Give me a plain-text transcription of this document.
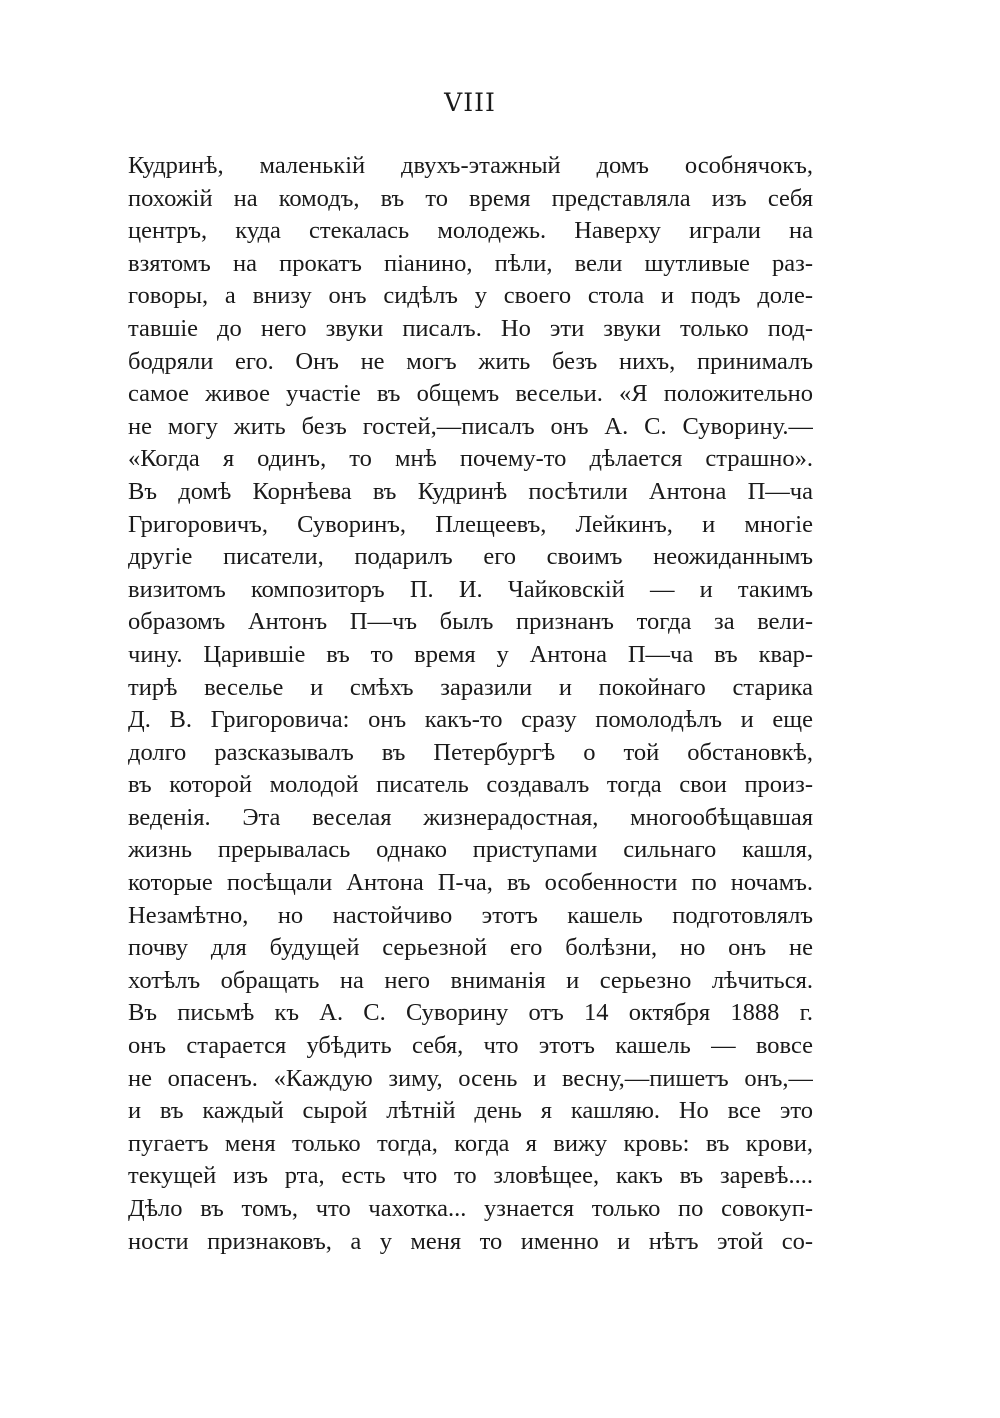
VIII
Кудринѣ, маленькій двухъ-этажный домъ особнячокъ,
похожій на комодъ, въ то время представляла изъ себя
центръ, куда стекалась молодежь. Наверху играли на
взятомъ на прокатъ піанино, пѣли, вели шутливые раз-
говоры, а внизу онъ сидѣлъ у своего стола и подъ доле-
тавшіе до него звуки писалъ. Но эти звуки только под-
бодряли его. Онъ не могъ жить безъ нихъ, принималъ
самое живое участіе въ общемъ весельи. «Я положительно
не могу жить безъ гостей,—писалъ онъ А. С. Суворину.—
«Когда я одинъ, то мнѣ почему-то дѣлается страшно».
Въ домѣ Корнѣева въ Кудринѣ посѣтили Антона П—ча
Григоровичъ, Суворинъ, Плещеевъ, Лейкинъ, и многіе
другіе писатели, подарилъ его своимъ неожиданнымъ
визитомъ композиторъ П. И. Чайковскій — и такимъ
образомъ Антонъ П—чъ былъ признанъ тогда за вели-
чину. Царившіе въ то время у Антона П—ча въ квар-
тирѣ веселье и смѣхъ заразили и покойнаго старика
Д. В. Григоровича: онъ какъ-то сразу помолодѣлъ и еще
долго разсказывалъ въ Петербургѣ о той обстановкѣ,
въ которой молодой писатель создавалъ тогда свои произ-
веденія. Эта веселая жизнерадостная, многообѣщавшая
жизнь прерывалась однако приступами сильнаго кашля,
которые посѣщали Антона П-ча, въ особенности по ночамъ.
Незамѣтно, но настойчиво этотъ кашель подготовлялъ
почву для будущей серьезной его болѣзни, но онъ не
хотѣлъ обращать на него вниманія и серьезно лѣчиться.
Въ письмѣ къ А. С. Суворину отъ 14 октября 1888 г.
онъ старается убѣдить себя, что этотъ кашель — вовсе
не опасенъ. «Каждую зиму, осень и весну,—пишетъ онъ,—
и въ каждый сырой лѣтній день я кашляю. Но все это
пугаетъ меня только тогда, когда я вижу кровь: въ крови,
текущей изъ рта, есть что то зловѣщее, какъ въ заревѣ....
Дѣло въ томъ, что чахотка... узнается только по совокуп-
ности признаковъ, а у меня то именно и нѣтъ этой со-
